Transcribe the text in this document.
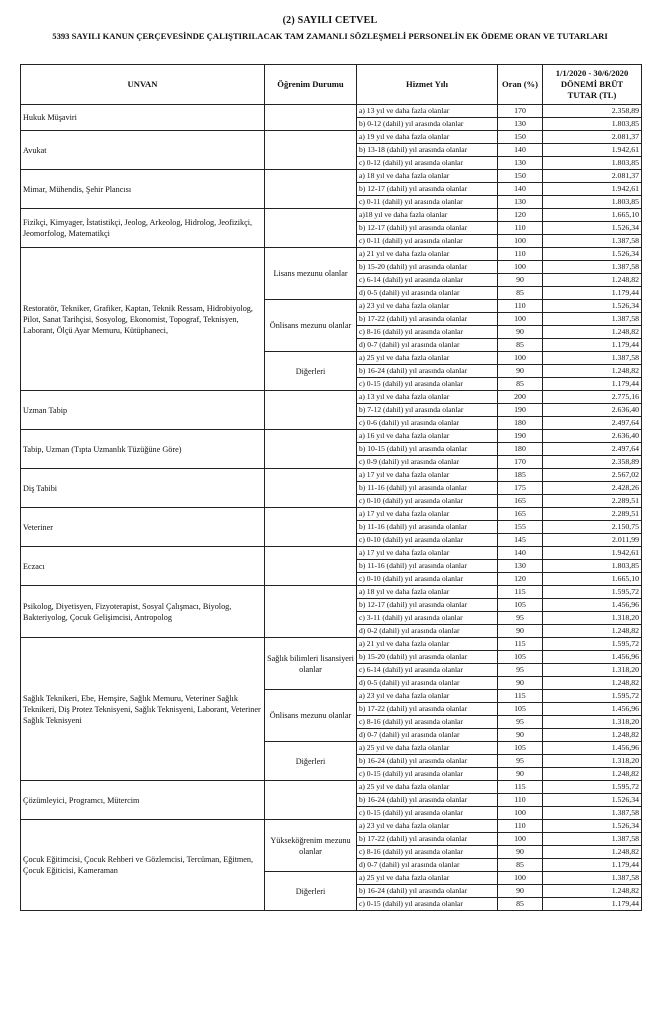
(2) SAYILI CETVEL
5393 SAYILI KANUN ÇERÇEVESİNDE ÇALIŞTIRILACAK TAM ZAMANLI SÖZLEŞMELİ PERSONELİN EK ÖDEME ORAN VE TUTARLARI
UNVAN	Öğrenim Durumu	Hizmet Yılı	Oran (%)	1/1/2020 - 30/6/2020
DÖNEMİ BRÜT
TUTAR (TL)

Hukuk Müşaviri		a) 13 yıl ve daha fazla olanlar	170	2.358,89
		b) 0-12 (dahil) yıl arasında olanlar	130	1.803,85
Avukat		a) 19 yıl ve daha fazla olanlar	150	2.081,37
		b) 13-18 (dahil) yıl arasında olanlar	140	1.942,61
		c) 0-12 (dahil) yıl arasında olanlar	130	1.803,85
Mimar, Mühendis, Şehir Plancısı		a) 18 yıl ve daha fazla olanlar	150	2.081,37
		b) 12-17 (dahil) yıl arasında olanlar	140	1.942,61
		c) 0-11 (dahil) yıl arasında olanlar	130	1.803,85
Fizikçi, Kimyager, İstatistikçi, Jeolog, Arkeolog, Hidrolog, Jeofizikçi, Jeomorfolog, Matematikçi		a)18 yıl ve daha fazla olanlar	120	1.665,10
		b) 12-17 (dahil) yıl arasında olanlar	110	1.526,34
		c) 0-11 (dahil) yıl arasında olanlar	100	1.387,58
Restoratör, Tekniker, Grafiker, Kaptan, Teknik Ressam, Hidrobiyolog, Pilot, Sanat Tarihçisi, Sosyolog, Ekonomist, Topograf, Teknisyen, Laborant, Ölçü Ayar Memuru, Kütüphaneci,	Lisans mezunu olanlar	a) 21 yıl ve daha fazla olanlar	110	1.526,34
		b) 15-20 (dahil) yıl arasında olanlar	100	1.387,58
		c) 6-14 (dahil) yıl arasında olanlar	90	1.248,82
		d) 0-5 (dahil) yıl arasında olanlar	85	1.179,44
	Önlisans mezunu olanlar	a) 23 yıl ve daha fazla olanlar	110	1.526,34
		b) 17-22 (dahil) yıl arasında olanlar	100	1.387,58
		c) 8-16 (dahil) yıl arasında olanlar	90	1.248,82
		d) 0-7 (dahil) yıl arasında olanlar	85	1.179,44
	Diğerleri	a) 25 yıl ve daha fazla olanlar	100	1.387,58
		b) 16-24 (dahil) yıl arasında olanlar	90	1.248,82
		c) 0-15 (dahil) yıl arasında olanlar	85	1.179,44
Uzman Tabip		a) 13 yıl ve daha fazla olanlar	200	2.775,16
		b) 7-12 (dahil) yıl arasında olanlar	190	2.636,40
		c) 0-6 (dahil) yıl arasında olanlar	180	2.497,64
Tabip, Uzman (Tıpta Uzmanlık Tüzüğüne Göre)		a) 16 yıl ve daha fazla olanlar	190	2.636,40
		b) 10-15 (dahil) yıl arasında olanlar	180	2.497,64
		c) 0-9 (dahil) yıl arasında olanlar	170	2.358,89
Diş Tabibi		a) 17 yıl ve daha fazla olanlar	185	2.567,02
		b) 11-16 (dahil) yıl arasında olanlar	175	2.428,26
		c) 0-10 (dahil) yıl arasında olanlar	165	2.289,51
Veteriner		a) 17 yıl ve daha fazla olanlar	165	2.289,51
		b) 11-16 (dahil) yıl arasında olanlar	155	2.150,75
		c) 0-10 (dahil) yıl arasında olanlar	145	2.011,99
Eczacı		a) 17 yıl ve daha fazla olanlar	140	1.942,61
		b) 11-16 (dahil) yıl arasında olanlar	130	1.803,85
		c) 0-10 (dahil) yıl arasında olanlar	120	1.665,10
Psikolog, Diyetisyen, Fizyoterapist, Sosyal Çalışmacı, Biyolog, Bakteriyolog, Çocuk Gelişimcisi, Antropolog		a) 18 yıl ve daha fazla olanlar	115	1.595,72
		b) 12-17 (dahil) yıl arasında olanlar	105	1.456,96
		c) 3-11 (dahil) yıl arasında olanlar	95	1.318,20
		d) 0-2 (dahil) yıl arasında olanlar	90	1.248,82
Sağlık Teknikeri, Ebe, Hemşire, Sağlık Memuru, Veteriner Sağlık Teknikeri, Diş Protez Teknisyeni, Sağlık Teknisyeni, Laborant, Veteriner Sağlık Teknisyeni	Sağlık bilimleri lisansiyeri olanlar	a) 21 yıl ve daha fazla olanlar	115	1.595,72
		b) 15-20 (dahil) yıl arasında olanlar	105	1.456,96
		c) 6-14 (dahil) yıl arasında olanlar	95	1.318,20
		d) 0-5 (dahil) yıl arasında olanlar	90	1.248,82
	Önlisans mezunu olanlar	a) 23 yıl ve daha fazla olanlar	115	1.595,72
		b) 17-22 (dahil) yıl arasında olanlar	105	1.456,96
		c) 8-16 (dahil) yıl arasında olanlar	95	1.318,20
		d) 0-7 (dahil) yıl arasında olanlar	90	1.248,82
	Diğerleri	a) 25 yıl ve daha fazla olanlar	105	1.456,96
		b) 16-24 (dahil) yıl arasında olanlar	95	1.318,20
		c) 0-15 (dahil) yıl arasında olanlar	90	1.248,82
Çözümleyici, Programcı, Mütercim		a) 25 yıl ve daha fazla olanlar	115	1.595,72
		b) 16-24 (dahil) yıl arasında olanlar	110	1.526,34
		c) 0-15 (dahil) yıl arasında olanlar	100	1.387,58
Çocuk Eğitimcisi, Çocuk Rehberi ve Gözlemcisi, Tercüman, Eğitmen, Çocuk Eğiticisi, Kameraman	Yükseköğrenim mezunu olanlar	a) 23 yıl ve daha fazla olanlar	110	1.526,34
		b) 17-22 (dahil) yıl arasında olanlar	100	1.387,58
		c) 8-16 (dahil) yıl arasında olanlar	90	1.248,82
		d) 0-7 (dahil) yıl arasında olanlar	85	1.179,44
	Diğerleri	a) 25 yıl ve daha fazla olanlar	100	1.387,58
		b) 16-24 (dahil) yıl arasında olanlar	90	1.248,82
		c) 0-15 (dahil) yıl arasında olanlar	85	1.179,44
